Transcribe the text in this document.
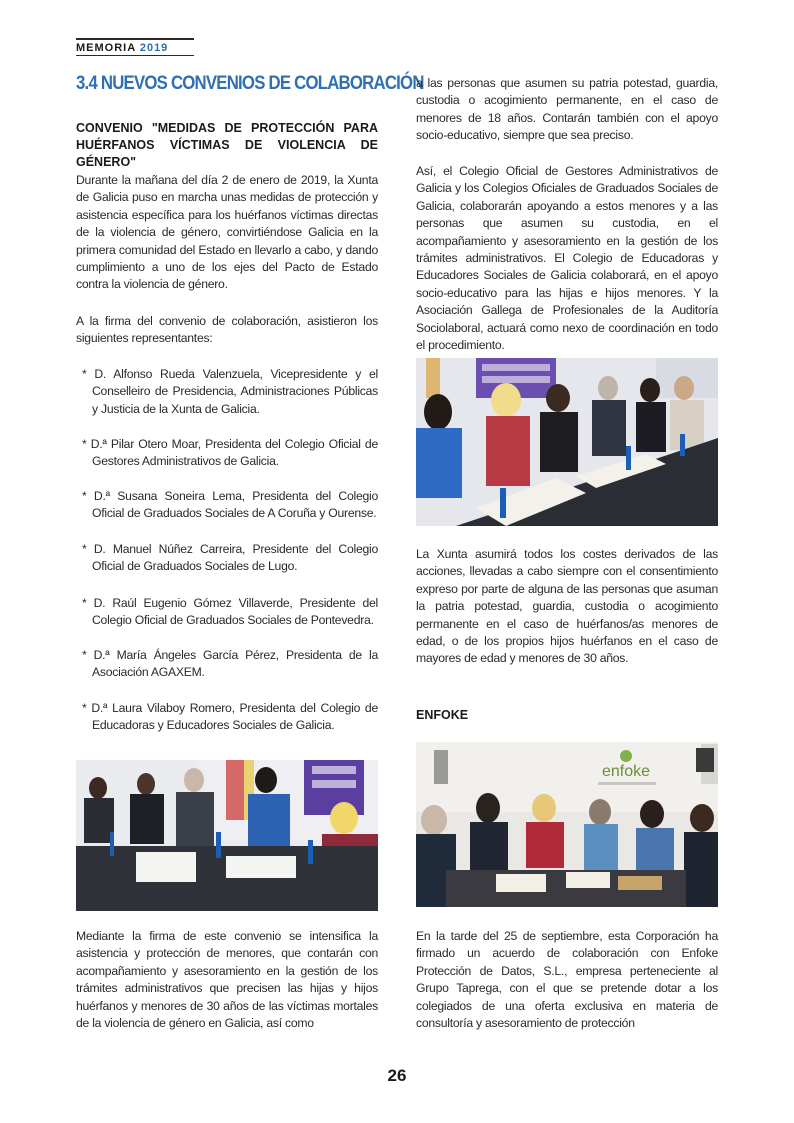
MEMORIA 2019
3.4 NUEVOS CONVENIOS DE COLABORACIÓN
CONVENIO "MEDIDAS DE PROTECCIÓN PARA HUÉRFANOS VÍCTIMAS DE VIOLENCIA DE GÉNERO"

Durante la mañana del día 2 de enero de 2019, la Xunta de Galicia puso en marcha unas medidas de protección y asistencia específica para los huérfanos víctimas directas de la violencia de género, convirtiéndose Galicia en la primera comunidad del Estado en llevarlo a cabo, y dando cumplimiento a uno de los ejes del Pacto de Estado contra la violencia de género.

A la firma del convenio de colaboración, asistieron los siguientes representantes:

* D. Alfonso Rueda Valenzuela, Vicepresidente y el Conselleiro de Presidencia, Administraciones Públicas y Justicia de la Xunta de Galicia.
* D.ª Pilar Otero Moar, Presidenta del Colegio Oficial de Gestores Administrativos de Galicia.
* D.ª Susana Soneira Lema, Presidenta del Colegio Oficial de Graduados Sociales de A Coruña y Ourense.
* D. Manuel Núñez Carreira, Presidente del Colegio Oficial de Graduados Sociales de Lugo.
* D. Raúl Eugenio Gómez Villaverde, Presidente del Colegio Oficial de Graduados Sociales de Pontevedra.
* D.ª María Ángeles García Pérez, Presidenta de la Asociación AGAXEM.
* D.ª Laura Vilaboy Romero, Presidenta del Colegio de Educadoras y Educadores Sociales de Galicia.

Mediante la firma de este convenio se intensifica la asistencia y protección de menores, que contarán con acompañamiento y asesoramiento en la gestión de los trámites administrativos que precisen las hijas y hijos huérfanos y menores de 30 años de las víctimas mortales de la violencia de género en Galicia, así como

a las personas que asumen su patria potestad, guardia, custodia o acogimiento permanente, en el caso de menores de 18 años. Contarán también con el apoyo socio-educativo, siempre que sea preciso.

Así, el Colegio Oficial de Gestores Administrativos de Galicia y los Colegios Oficiales de Graduados Sociales de Galicia, colaborarán apoyando a estos menores y a las personas que asumen su custodia, en el acompañamiento y asesoramiento en la gestión de los trámites administrativos. El Colegio de Educadoras y Educadores Sociales de Galicia colaborará, en el apoyo socio-educativo para las hijas e hijos menores. Y la Asociación Gallega de Profesionales de la Auditoría Sociolaboral, actuará como nexo de coordinación en todo el procedimiento.

La Xunta asumirá todos los costes derivados de las acciones, llevadas a cabo siempre con el consentimiento expreso por parte de alguna de las personas que asuman la patria potestad, guardia, custodia o acogimiento permanente en el caso de huérfanos/as menores de edad, o de los propios hijos huérfanos en el caso de mayores de edad y menores de 30 años.

ENFOKE
enfoke

En la tarde del 25 de septiembre, esta Corporación ha firmado un acuerdo de colaboración con Enfoke Protección de Datos, S.L., empresa perteneciente al Grupo Taprega, con el que se pretende dotar a los colegiados de una oferta exclusiva en materia de consultoría y asesoramiento de protección

26
